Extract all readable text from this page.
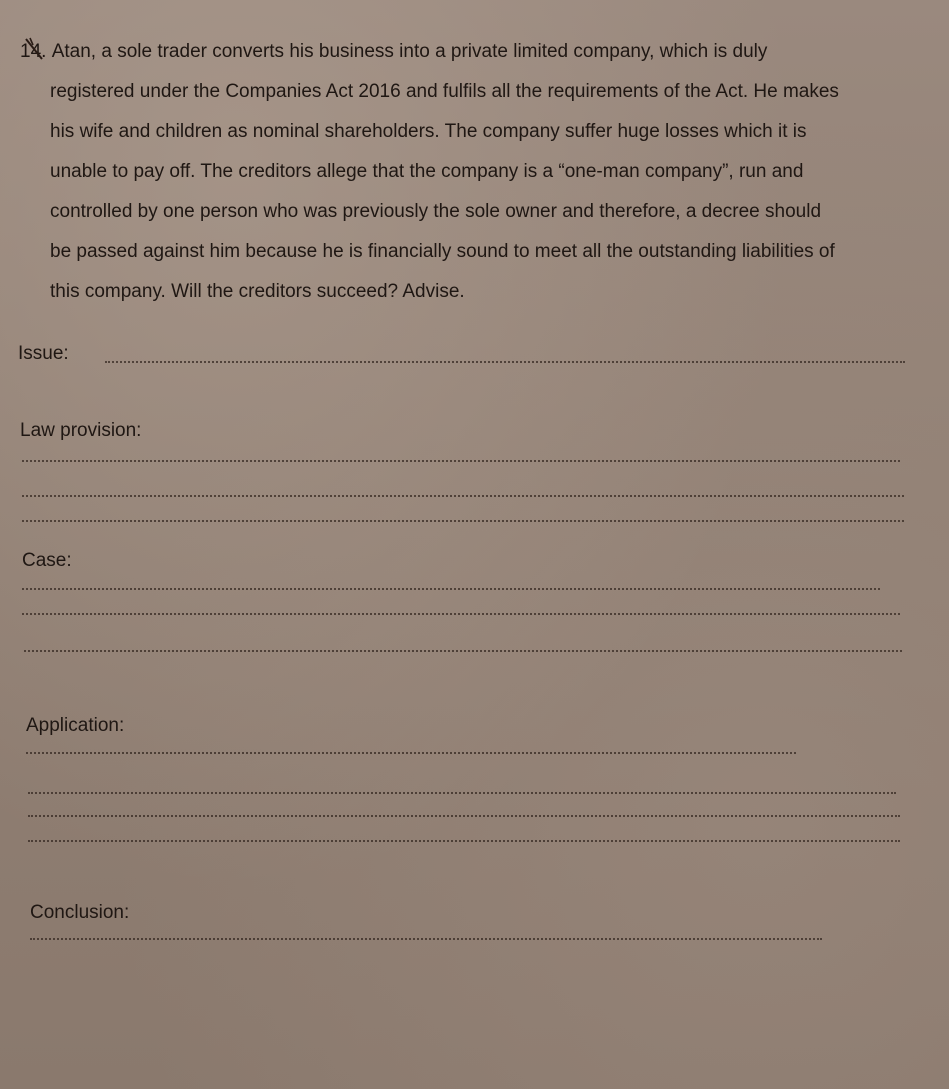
14. Atan, a sole trader converts his business into a private limited company, which is duly
registered under the Companies Act 2016 and fulfils all the requirements of the Act. He makes
his wife and children as nominal shareholders. The company suffer huge losses which it is
unable to pay off. The creditors allege that the company is a “one-man company”, run and
controlled by one person who was previously the sole owner and therefore, a decree should
be passed against him because he is financially sound to meet all the outstanding liabilities of
this company. Will the creditors succeed? Advise.
Issue:
Law provision:
Case:
Application:
Conclusion:
